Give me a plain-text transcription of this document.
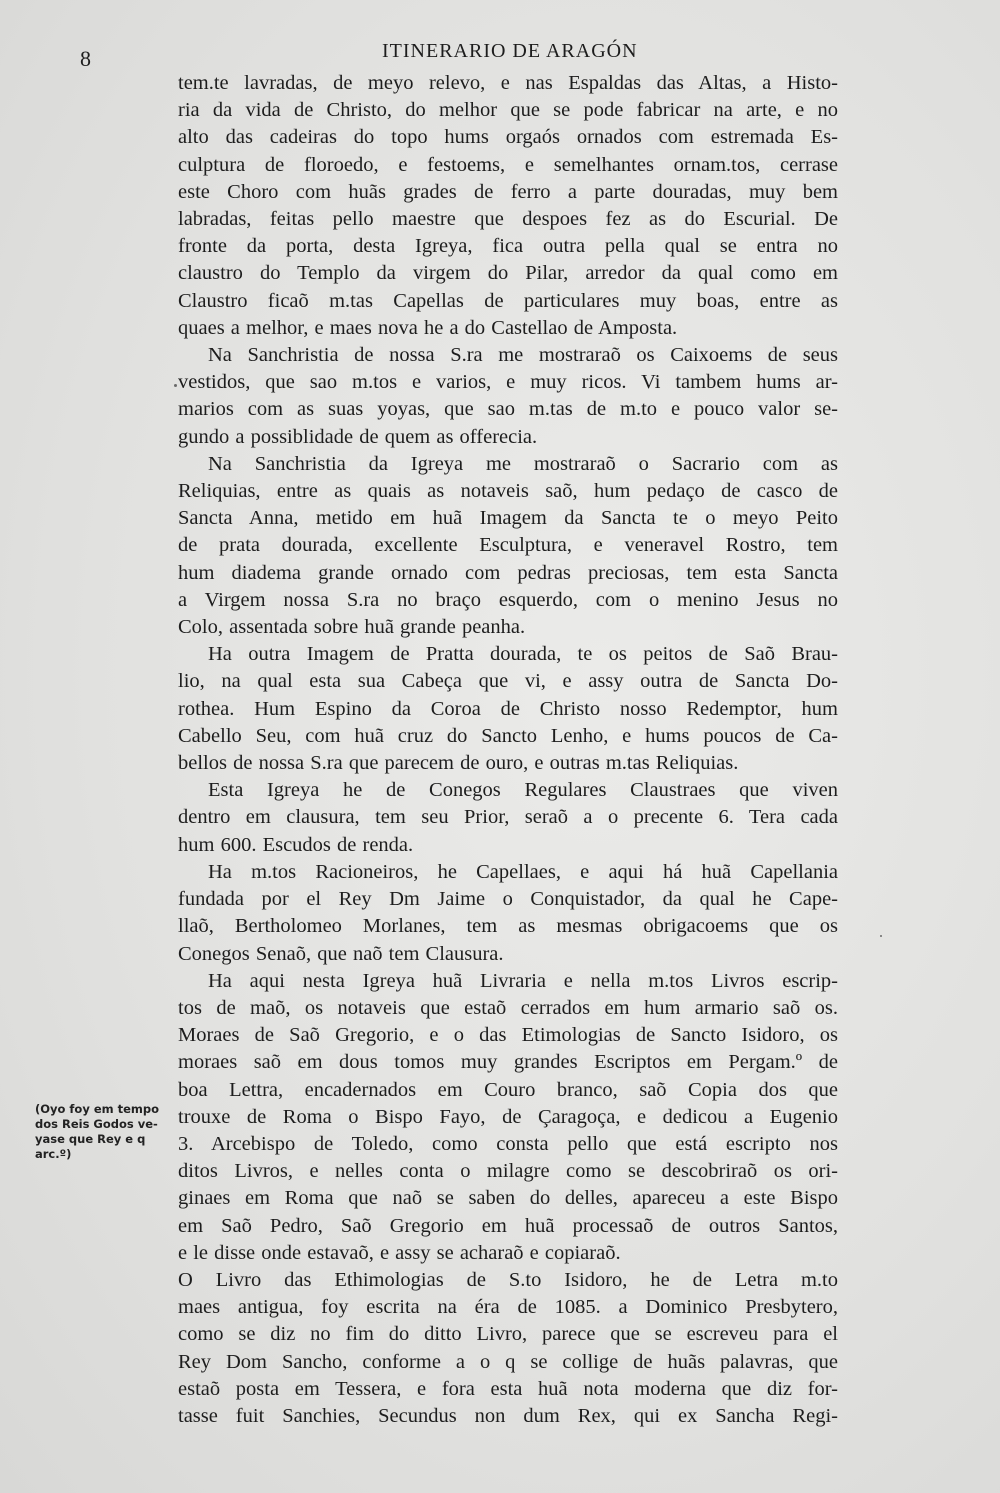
8	ITINERARIO DE ARAGÓN
(Oyo foy em tempo
dos Reis Godos ve-
yase que Rey e q
arc.º)
tem.te lavradas, de meyo relevo, e nas Espaldas das Altas, a Histo-
ria da vida de Christo, do melhor que se pode fabricar na arte, e no
alto das cadeiras do topo hums orgaós ornados com estremada Es-
culptura de floroedo, e festoems, e semelhantes ornam.tos, cerrase
este Choro com huãs grades de ferro a parte douradas, muy bem
labradas, feitas pello maestre que despoes fez as do Escurial. De
fronte da porta, desta Igreya, fica outra pella qual se entra no
claustro do Templo da virgem do Pilar, arredor da qual como em
Claustro ficaõ m.tas Capellas de particulares muy boas, entre as
quaes a melhor, e maes nova he a do Castellao de Amposta.
Na Sanchristia de nossa S.ra me mostraraõ os Caixoems de seus
vestidos, que sao m.tos e varios, e muy ricos. Vi tambem hums ar-
marios com as suas yoyas, que sao m.tas de m.to e pouco valor se-
gundo a possiblidade de quem as offerecia.
Na Sanchristia da Igreya me mostraraõ o Sacrario com as
Reliquias, entre as quais as notaveis saõ, hum pedaço de casco de
Sancta Anna, metido em huã Imagem da Sancta te o meyo Peito
de prata dourada, excellente Esculptura, e veneravel Rostro, tem
hum diadema grande ornado com pedras preciosas, tem esta Sancta
a Virgem nossa S.ra no braço esquerdo, com o menino Jesus no
Colo, assentada sobre huã grande peanha.
Ha outra Imagem de Pratta dourada, te os peitos de Saõ Brau-
lio, na qual esta sua Cabeça que vi, e assy outra de Sancta Do-
rothea. Hum Espino da Coroa de Christo nosso Redemptor, hum
Cabello Seu, com huã cruz do Sancto Lenho, e hums poucos de Ca-
bellos de nossa S.ra que parecem de ouro, e outras m.tas Reliquias.
Esta Igreya he de Conegos Regulares Claustraes que viven
dentro em clausura, tem seu Prior, seraõ a o precente 6. Tera cada
hum 600. Escudos de renda.
Ha m.tos Racioneiros, he Capellaes, e aqui há huã Capellania
fundada por el Rey Dm Jaime o Conquistador, da qual he Cape-
llaõ, Bertholomeo Morlanes, tem as mesmas obrigacoems que os
Conegos Senaõ, que naõ tem Clausura.
Ha aqui nesta Igreya huã Livraria e nella m.tos Livros escrip-
tos de maõ, os notaveis que estaõ cerrados em hum armario saõ os.
Moraes de Saõ Gregorio, e o das Etimologias de Sancto Isidoro, os
moraes saõ em dous tomos muy grandes Escriptos em Pergam.º de
boa Lettra, encadernados em Couro branco, saõ Copia dos que
trouxe de Roma o Bispo Fayo, de Çaragoça, e dedicou a Eugenio
3. Arcebispo de Toledo, como consta pello que está escripto nos
ditos Livros, e nelles conta o milagre como se descobriraõ os ori-
ginaes em Roma que naõ se saben do delles, apareceu a este Bispo
em Saõ Pedro, Saõ Gregorio em huã processaõ de outros Santos,
e le disse onde estavaõ, e assy se acharaõ e copiaraõ.
O Livro das Ethimologias de S.to Isidoro, he de Letra m.to
maes antigua, foy escrita na éra de 1085. a Dominico Presbytero,
como se diz no fim do ditto Livro, parece que se escreveu para el
Rey Dom Sancho, conforme a o q se collige de huãs palavras, que
estaõ posta em Tessera, e fora esta huã nota moderna que diz for-
tasse fuit Sanchies, Secundus non dum Rex, qui ex Sancha Regi-
